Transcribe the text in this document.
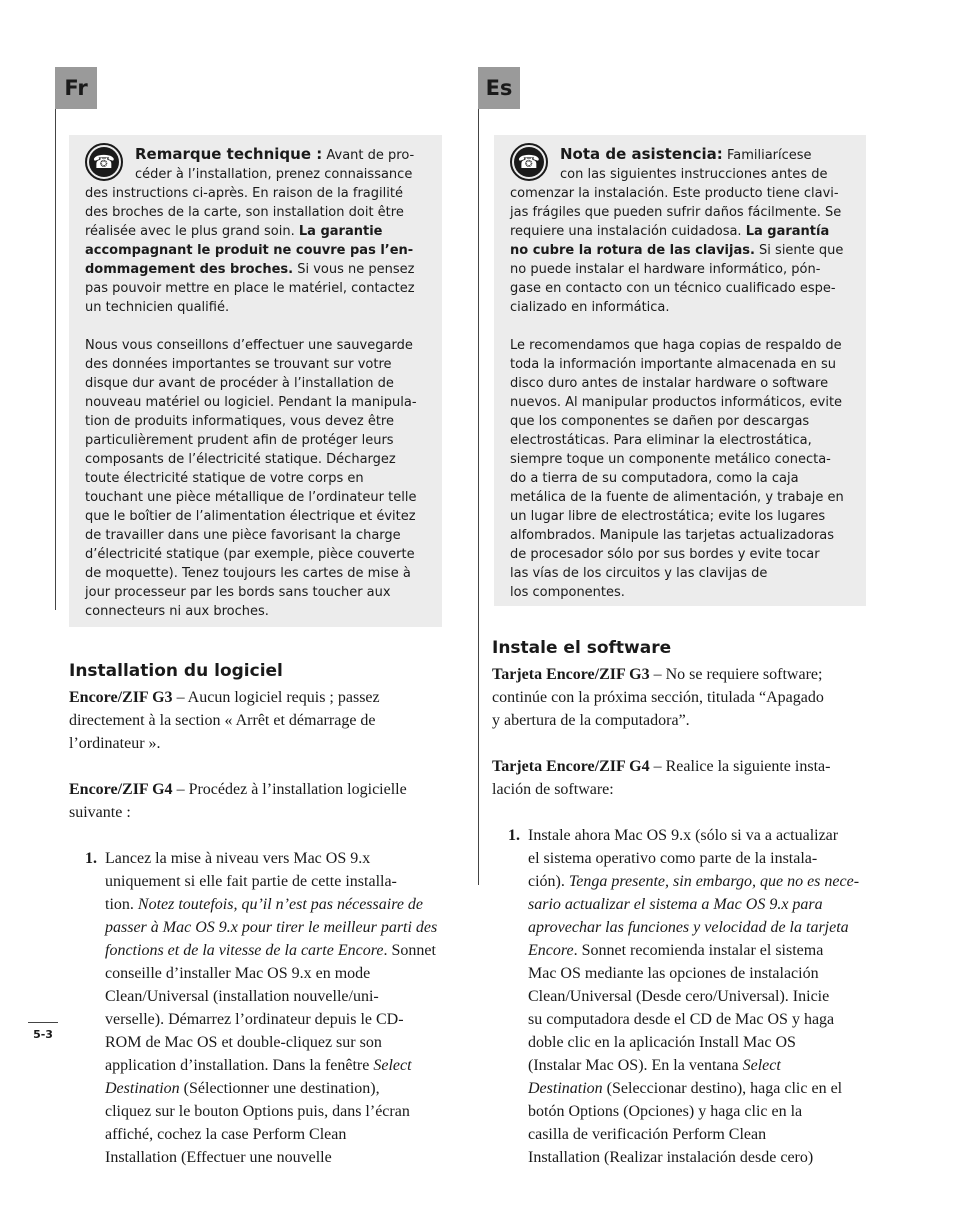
Fr	Es
☎	Remarque technique : Avant de pro-
céder à l’installation, prenez connaissance
des instructions ci-après. En raison de la fragilité
des broches de la carte, son installation doit être
réalisée avec le plus grand soin. La garantie
accompagnant le produit ne couvre pas l’en-
dommagement des broches. Si vous ne pensez
pas pouvoir mettre en place le matériel, contactez
un technicien qualifié.
Nous vous conseillons d’effectuer une sauvegarde
des données importantes se trouvant sur votre
disque dur avant de procéder à l’installation de
nouveau matériel ou logiciel. Pendant la manipula-
tion de produits informatiques, vous devez être
particulièrement prudent afin de protéger leurs
composants de l’électricité statique. Déchargez
toute électricité statique de votre corps en
touchant une pièce métallique de l’ordinateur telle
que le boîtier de l’alimentation électrique et évitez
de travailler dans une pièce favorisant la charge
d’électricité statique (par exemple, pièce couverte
de moquette). Tenez toujours les cartes de mise à
jour processeur par les bords sans toucher aux
connecteurs ni aux broches.
☎	Nota de asistencia: Familiarícese
con las siguientes instrucciones antes de
comenzar la instalación. Este producto tiene clavi-
jas frágiles que pueden sufrir daños fácilmente. Se
requiere una instalación cuidadosa. La garantía
no cubre la rotura de las clavijas. Si siente que
no puede instalar el hardware informático, pón-
gase en contacto con un técnico cualificado espe-
cializado en informática.
Le recomendamos que haga copias de respaldo de
toda la información importante almacenada en su
disco duro antes de instalar hardware o software
nuevos. Al manipular productos informáticos, evite
que los componentes se dañen por descargas
electrostáticas. Para eliminar la electrostática,
siempre toque un componente metálico conecta-
do a tierra de su computadora, como la caja
metálica de la fuente de alimentación, y trabaje en
un lugar libre de electrostática; evite los lugares
alfombrados. Manipule las tarjetas actualizadoras
de procesador sólo por sus bordes y evite tocar
las vías de los circuitos y las clavijas de
los componentes.
Installation du logiciel
Instale el software
Encore/ZIF G3 – Aucun logiciel requis ; passez
directement à la section « Arrêt et démarrage de
l’ordinateur ».
Encore/ZIF G4 – Procédez à l’installation logicielle
suivante :
1. Lancez la mise à niveau vers Mac OS 9.x
uniquement si elle fait partie de cette installa-
tion. Notez toutefois, qu’il n’est pas nécessaire de
passer à Mac OS 9.x pour tirer le meilleur parti des
fonctions et de la vitesse de la carte Encore. Sonnet
conseille d’installer Mac OS 9.x en mode
Clean/Universal (installation nouvelle/uni-
verselle). Démarrez l’ordinateur depuis le CD-
ROM de Mac OS et double-cliquez sur son
application d’installation. Dans la fenêtre Select
Destination (Sélectionner une destination),
cliquez sur le bouton Options puis, dans l’écran
affiché, cochez la case Perform Clean
Installation (Effectuer une nouvelle
Tarjeta Encore/ZIF G3 – No se requiere software;
continúe con la próxima sección, titulada “Apagado
y abertura de la computadora”.
Tarjeta Encore/ZIF G4 – Realice la siguiente insta-
lación de software:
1. Instale ahora Mac OS 9.x (sólo si va a actualizar
el sistema operativo como parte de la instala-
ción). Tenga presente, sin embargo, que no es nece-
sario actualizar el sistema a Mac OS 9.x para
aprovechar las funciones y velocidad de la tarjeta
Encore. Sonnet recomienda instalar el sistema
Mac OS mediante las opciones de instalación
Clean/Universal (Desde cero/Universal). Inicie
su computadora desde el CD de Mac OS y haga
doble clic en la aplicación Install Mac OS
(Instalar Mac OS). En la ventana Select
Destination (Seleccionar destino), haga clic en el
botón Options (Opciones) y haga clic en la
casilla de verificación Perform Clean
Installation (Realizar instalación desde cero)
5-3
